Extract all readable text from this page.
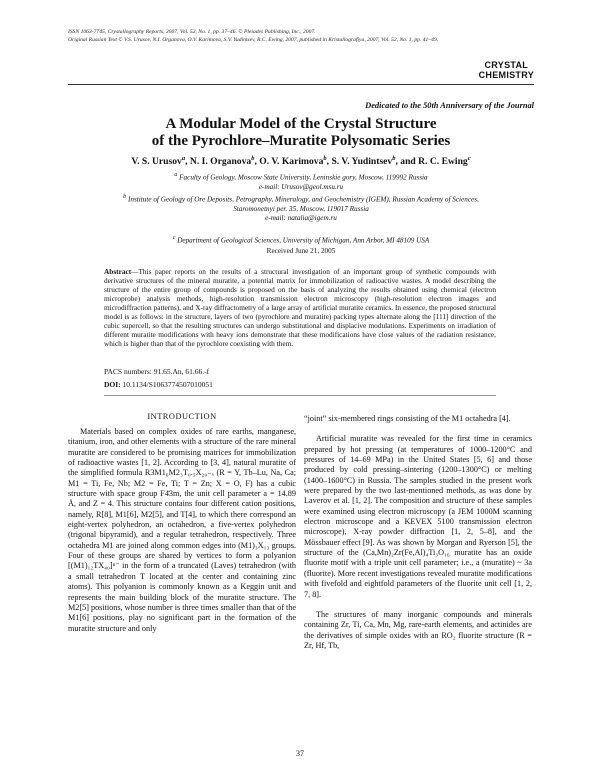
ISSN 1063-7745, Crystallography Reports, 2007, Vol. 52, No. 1, pp. 37–46. © Pleiades Publishing, Inc., 2007.
Original Russian Text © V.S. Urusov, N.I. Organova, O.V. Karimova, S.V. Yudintsev, R.C. Ewing, 2007, published in Kristallografiya, 2007, Vol. 52, No. 1, pp. 41–49.
CRYSTAL
CHEMISTRY
Dedicated to the 50th Anniversary of the Journal
A Modular Model of the Crystal Structure
of the Pyrochlore–Muratite Polysomatic Series
V. S. Urusov$^a$, N. I. Organova$^b$, O. V. Karimova$^b$, S. V. Yudintsev$^b$, and R. C. Ewing$^c$
$^a$ Faculty of Geology, Moscow State University, Leninskie gory, Moscow, 119992 Russia
e-mail: Urusov@geol.msu.ru
$^b$ Institute of Geology of Ore Deposits, Petrography, Mineralogy, and Geochemistry (IGEM), Russian Academy of Sciences,
Staromonetnyi per. 35, Moscow, 119017 Russia
e-mail: natalia@igem.ru
$^c$ Department of Geological Sciences, University of Michigan, Ann Arbor, MI 48109 USA
Received June 21, 2005
Abstract—This paper reports on the results of a structural investigation of an important group of synthetic compounds with derivative structures of the mineral muratite, a potential matrix for immobilization of radioactive wastes. A model describing the structure of the entire group of compounds is proposed on the basis of analyzing the results obtained using chemical (electron microprobe) analysis methods, high-resolution transmission electron microscopy (high-resolution electron images and microdiffraction patterns), and X-ray diffractometry of a large array of artificial muratite ceramics. In essence, the proposed structural model is as follows: in the structure, layers of two (pyrochlore and muratite) packing types alternate along the [111] direction of the cubic supercell, so that the resulting structures can undergo substitutional and displacive modulations. Experiments on irradiation of different muratite modifications with heavy ions demonstrate that these modifications have close values of the radiation resistance, which is higher than that of the pyrochlore coexisting with them.
PACS numbers: 91.65.An, 61.66.-f
DOI: 10.1134/S1063774507010051
INTRODUCTION

Materials based on complex oxides of rare earths, manganese, titanium, iron, and other elements with a structure of the rare mineral muratite are considered to be promising matrices for immobilization of radioactive wastes [1, 2]. According to [3, 4], natural muratite of the simplified formula R3M1₆M2₃T₀.₅X₂₀₋ₓ (R = Y, Tb–Lu, Na, Ca; M1 = Ti, Fe, Nb; M2 = Fe, Ti; T = Zn; X = O, F) has a cubic structure with space group F4̄3m, the unit cell parameter a = 14.89 Å, and Z = 4. This structure contains four different cation positions, namely, R[8], M1[6], M2[5], and T[4], to which there correspond an eight-vertex polyhedron, an octahedron, a five-vertex polyhedron (trigonal bipyramid), and a regular tetrahedron, respectively. Three octahedra M1 are joined along common edges into (M1)₃X₁₃ groups. Four of these groups are shared by vertices to form a polyanion [(M1)₁₂TX₄₀]ⁿ⁻ in the form of a truncated (Laves) tetrahedron (with a small tetrahedron T located at the center and containing zinc atoms). This polyanion is commonly known as a Keggin unit and represents the main building block of the muratite structure. The M2[5] positions, whose number is three times smaller than that of the M1[6] positions, play no significant part in the formation of the muratite structure and only

“joint” six-membered rings consisting of the M1 octahedra [4].

Artificial muratite was revealed for the first time in ceramics prepared by hot pressing (at temperatures of 1000–1200°C and pressures of 14–69 MPa) in the United States [5, 6] and those produced by cold pressing–sintering (1200–1300°C) or melting (1400–1600°C) in Russia. The samples studied in the present work were prepared by the two last-mentioned methods, as was done by Laverov et al. [1, 2]. The composition and structure of these samples were examined using electron microscopy (a JEM 1000M scanning electron microscope and a KEVEX 5100 transmission electron microscope), X-ray powder diffraction [1, 2, 5–8], and the Mössbauer effect [9]. As was shown by Morgan and Ryerson [5], the structure of the (Ca,Mn)₂Zr(Fe,Al)₄Ti₃O₁₆ muratite has an oxide fluorite motif with a triple unit cell parameter; i.e., a (muratite) ~ 3a (fluorite). More recent investigations revealed muratite modifications with fivefold and eightfold parameters of the fluorite unit cell [1, 2, 7, 8].

The structures of many inorganic compounds and minerals containing Zr, Ti, Ca, Mn, Mg, rare-earth elements, and actinides are the derivatives of simple oxides with an RO₂ fluorite structure (R = Zr, Hf, Tb,

37
